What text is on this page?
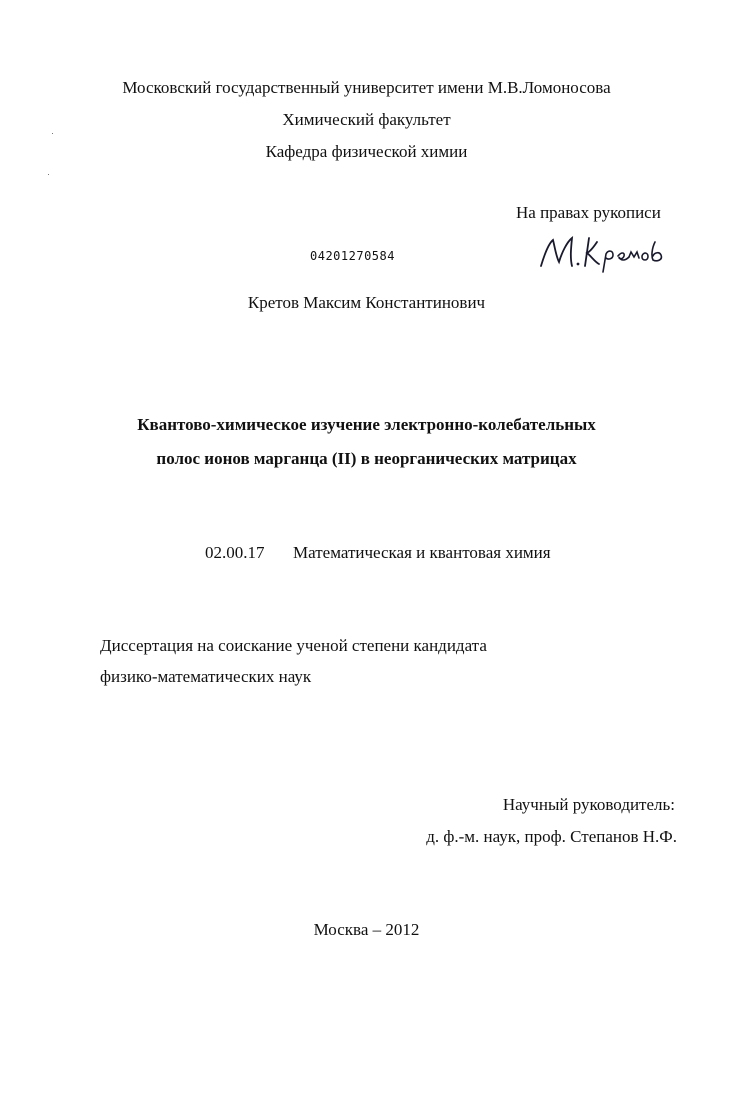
Московский государственный университет имени М.В.Ломоносова
Химический факультет
Кафедра физической химии
На правах рукописи
04201270584
Кретов Максим Константинович
Квантово-химическое изучение электронно-колебательных
полос ионов марганца (II) в неорганических матрицах
02.00.17 Математическая и квантовая химия
Диссертация на соискание ученой степени кандидата
физико-математических наук
Научный руководитель:
д. ф.-м. наук, проф. Степанов Н.Ф.
Москва – 2012
